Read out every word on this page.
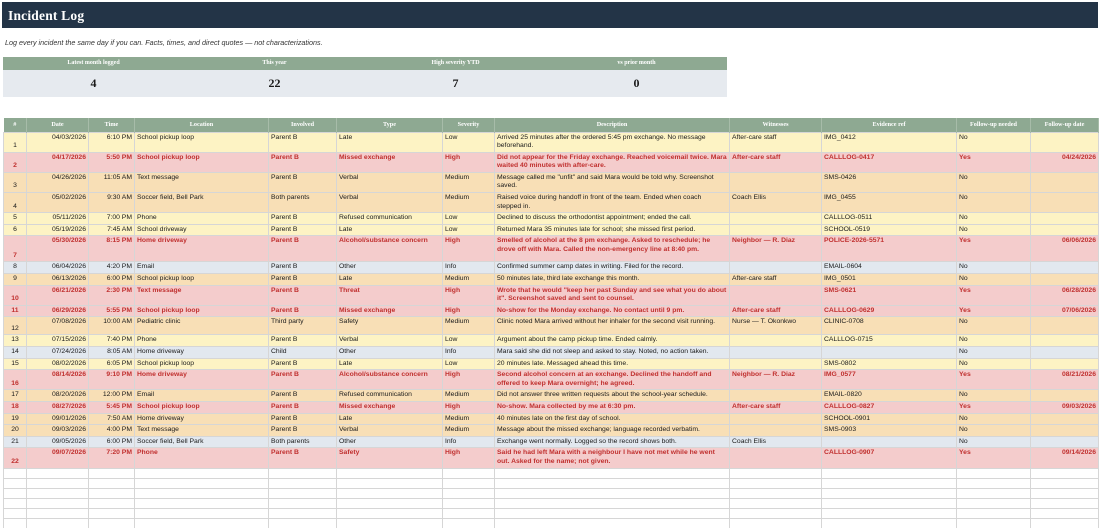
Incident Log
Log every incident the same day if you can. Facts, times, and direct quotes — not characterizations.
Latest month logged
4
This year
22
High severity YTD
7
vs prior month
0
#	Date	Time	Location	Involved	Type	Severity	Description	Witnesses	Evidence ref	Follow-up needed	Follow-up date
1	04/03/2026	6:10 PM	School pickup loop	Parent B	Late	Low	Arrived 25 minutes after the ordered 5:45 pm exchange. No message beforehand.	After-care staff	IMG_0412	No	
2	04/17/2026	5:50 PM	School pickup loop	Parent B	Missed exchange	High	Did not appear for the Friday exchange. Reached voicemail twice. Mara waited 40 minutes with after-care.	After-care staff	CALLLOG-0417	Yes	04/24/2026
3	04/26/2026	11:05 AM	Text message	Parent B	Verbal	Medium	Message called me "unfit" and said Mara would be told why. Screenshot saved.		SMS-0426	No	
4	05/02/2026	9:30 AM	Soccer field, Bell Park	Both parents	Verbal	Medium	Raised voice during handoff in front of the team. Ended when coach stepped in.	Coach Ellis	IMG_0455	No	
5	05/11/2026	7:00 PM	Phone	Parent B	Refused communication	Low	Declined to discuss the orthodontist appointment; ended the call.		CALLLOG-0511	No	
6	05/19/2026	7:45 AM	School driveway	Parent B	Late	Low	Returned Mara 35 minutes late for school; she missed first period.		SCHOOL-0519	No	
7	05/30/2026	8:15 PM	Home driveway	Parent B	Alcohol/substance concern	High	Smelled of alcohol at the 8 pm exchange. Asked to reschedule; he drove off with Mara. Called the non-emergency line at 8:40 pm.	Neighbor — R. Diaz	POLICE-2026-5571	Yes	06/06/2026
8	06/04/2026	4:20 PM	Email	Parent B	Other	Info	Confirmed summer camp dates in writing. Filed for the record.		EMAIL-0604	No	
9	06/13/2026	6:00 PM	School pickup loop	Parent B	Late	Medium	50 minutes late, third late exchange this month.	After-care staff	IMG_0501	No	
10	06/21/2026	2:30 PM	Text message	Parent B	Threat	High	Wrote that he would "keep her past Sunday and see what you do about it". Screenshot saved and sent to counsel.		SMS-0621	Yes	06/28/2026
11	06/29/2026	5:55 PM	School pickup loop	Parent B	Missed exchange	High	No-show for the Monday exchange. No contact until 9 pm.	After-care staff	CALLLOG-0629	Yes	07/06/2026
12	07/08/2026	10:00 AM	Pediatric clinic	Third party	Safety	Medium	Clinic noted Mara arrived without her inhaler for the second visit running.	Nurse — T. Okonkwo	CLINIC-0708	No	
13	07/15/2026	7:40 PM	Phone	Parent B	Verbal	Low	Argument about the camp pickup time. Ended calmly.		CALLLOG-0715	No	
14	07/24/2026	8:05 AM	Home driveway	Child	Other	Info	Mara said she did not sleep and asked to stay. Noted, no action taken.			No	
15	08/02/2026	6:05 PM	School pickup loop	Parent B	Late	Low	20 minutes late. Messaged ahead this time.		SMS-0802	No	
16	08/14/2026	9:10 PM	Home driveway	Parent B	Alcohol/substance concern	High	Second alcohol concern at an exchange. Declined the handoff and offered to keep Mara overnight; he agreed.	Neighbor — R. Diaz	IMG_0577	Yes	08/21/2026
17	08/20/2026	12:00 PM	Email	Parent B	Refused communication	Medium	Did not answer three written requests about the school-year schedule.		EMAIL-0820	No	
18	08/27/2026	5:45 PM	School pickup loop	Parent B	Missed exchange	High	No-show. Mara collected by me at 6:30 pm.	After-care staff	CALLLOG-0827	Yes	09/03/2026
19	09/01/2026	7:50 AM	Home driveway	Parent B	Late	Medium	40 minutes late on the first day of school.		SCHOOL-0901	No	
20	09/03/2026	4:00 PM	Text message	Parent B	Verbal	Medium	Message about the missed exchange; language recorded verbatim.		SMS-0903	No	
21	09/05/2026	6:00 PM	Soccer field, Bell Park	Both parents	Other	Info	Exchange went normally. Logged so the record shows both.	Coach Ellis		No	
22	09/07/2026	7:20 PM	Phone	Parent B	Safety	High	Said he had left Mara with a neighbour I have not met while he went out. Asked for the name; not given.		CALLLOG-0907	Yes	09/14/2026
